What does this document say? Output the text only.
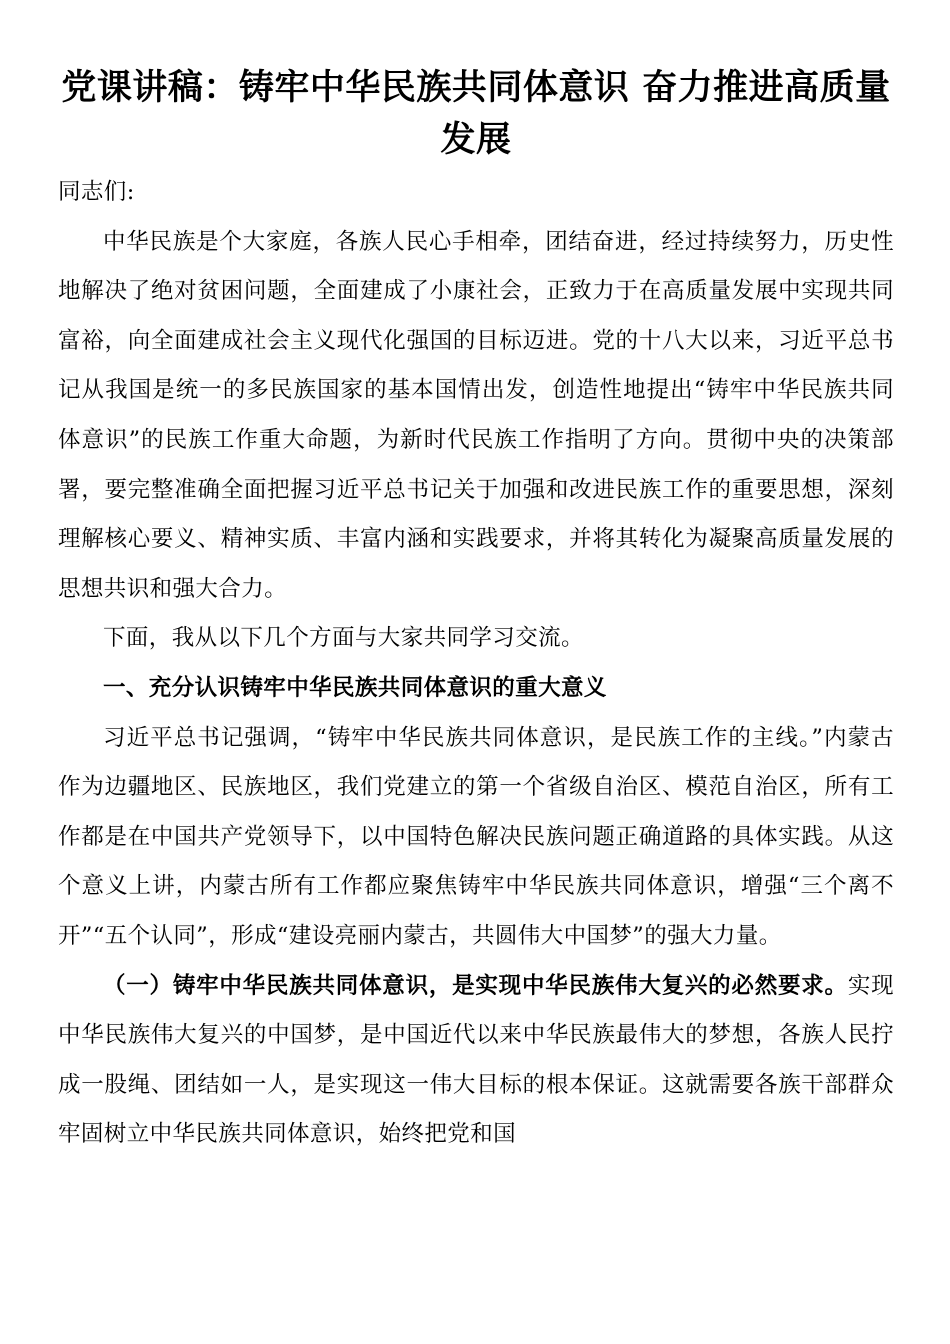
党课讲稿：铸牢中华民族共同体意识 奋力推进高质量发展

同志们:

中华民族是个大家庭，各族人民心手相牵，团结奋进，经过持续努力，历史性地解决了绝对贫困问题，全面建成了小康社会，正致力于在高质量发展中实现共同富裕，向全面建成社会主义现代化强国的目标迈进。党的十八大以来，习近平总书记从我国是统一的多民族国家的基本国情出发，创造性地提出“铸牢中华民族共同体意识”的民族工作重大命题，为新时代民族工作指明了方向。贯彻中央的决策部署，要完整准确全面把握习近平总书记关于加强和改进民族工作的重要思想，深刻理解核心要义、精神实质、丰富内涵和实践要求，并将其转化为凝聚高质量发展的思想共识和强大合力。

下面，我从以下几个方面与大家共同学习交流。

一、充分认识铸牢中华民族共同体意识的重大意义

习近平总书记强调，“铸牢中华民族共同体意识，是民族工作的主线。”内蒙古作为边疆地区、民族地区，我们党建立的第一个省级自治区、模范自治区，所有工作都是在中国共产党领导下，以中国特色解决民族问题正确道路的具体实践。从这个意义上讲，内蒙古所有工作都应聚焦铸牢中华民族共同体意识，增强“三个离不开”“五个认同”，形成“建设亮丽内蒙古，共圆伟大中国梦”的强大力量。

（一）铸牢中华民族共同体意识，是实现中华民族伟大复兴的必然要求。实现中华民族伟大复兴的中国梦，是中国近代以来中华民族最伟大的梦想，各族人民拧成一股绳、团结如一人，是实现这一伟大目标的根本保证。这就需要各族干部群众牢固树立中华民族共同体意识，始终把党和国
